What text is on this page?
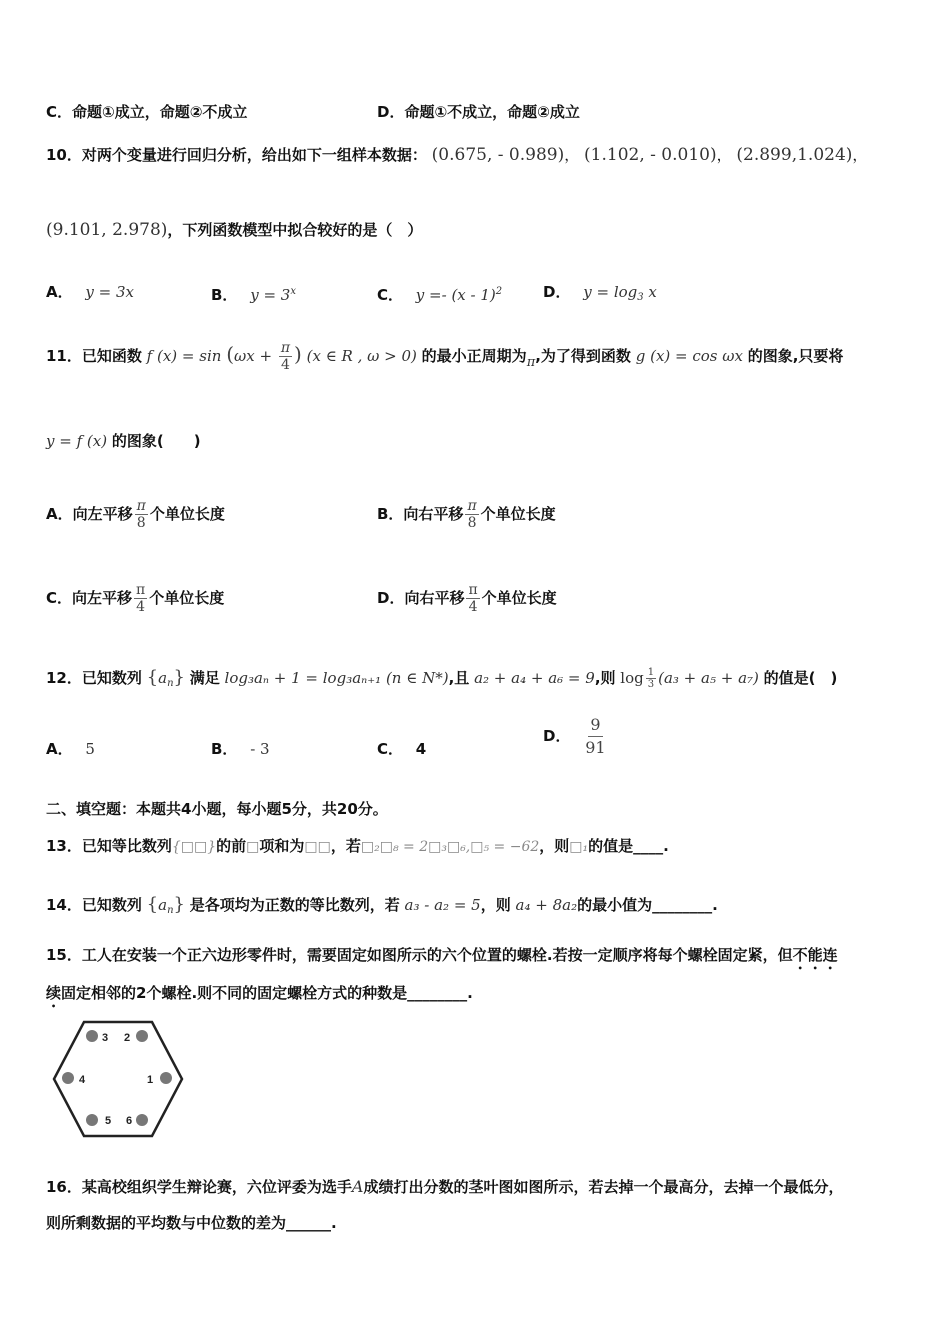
C．命题①成立，命题②不成立	D．命题①不成立，命题②成立
10．对两个变量进行回归分析，给出如下一组样本数据： (0.675, - 0.989)， (1.102, - 0.010)， (2.899,1.024)，
(9.101, 2.978)，下列函数模型中拟合较好的是（　）
A． y = 3x	B． $y = 3^x$	C． y =- (x - 1)$^2$	D． $y = \log_3 x$
11．已知函数 f $(x) = \sin (\omega x + \frac{\pi}{4}$ ) (x ∈ R , ω > 0) 的最小正周期为π,为了得到函数 g (x) = cos ωx 的图象,只要将
y = f (x) 的图象(　　)
A．向左平移 $\frac{\pi}{8}$ 个单位长度	B．向右平移 $\frac{\pi}{8}$ 个单位长度
C．向左平移 $\frac{\pi}{4}$ 个单位长度	D．向右平移 $\frac{\pi}{4}$ 个单位长度
12．已知数列 $\{a_n\}$ 满足 log₃aₙ + 1 = log₃aₙ₊₁ (n ∈ N*),且 a₂ + a₄ + a₆ = 9,则 $\log \frac{1}{3} (a_3 + a_5 + a_7)$ 的值是(　)
A． 5	B． - 3	C． 4
D． $\frac{9}{91}$
二、填空题：本题共4小题，每小题5分，共20分。
13．已知等比数列{□□}的前□项和为□□，若□₂□₈ = 2□₃□₆,□₅ = −62，则□₁的值是____.
14．已知数列 $\{a_n\}$ 是各项均为正数的等比数列，若 a₃ - a₂ = 5，则 a₄ + 8a₂的最小值为________.
15．工人在安装一个正六边形零件时，需要固定如图所示的六个位置的螺栓.若按一定顺序将每个螺栓固定紧，但不能连
续固定相邻的2个螺栓.则不同的固定螺栓方式的种数是________.
3 2
4	1
5 6
16．某高校组织学生辩论赛，六位评委为选手A成绩打出分数的茎叶图如图所示，若去掉一个最高分，去掉一个最低分，
则所剩数据的平均数与中位数的差为______.
